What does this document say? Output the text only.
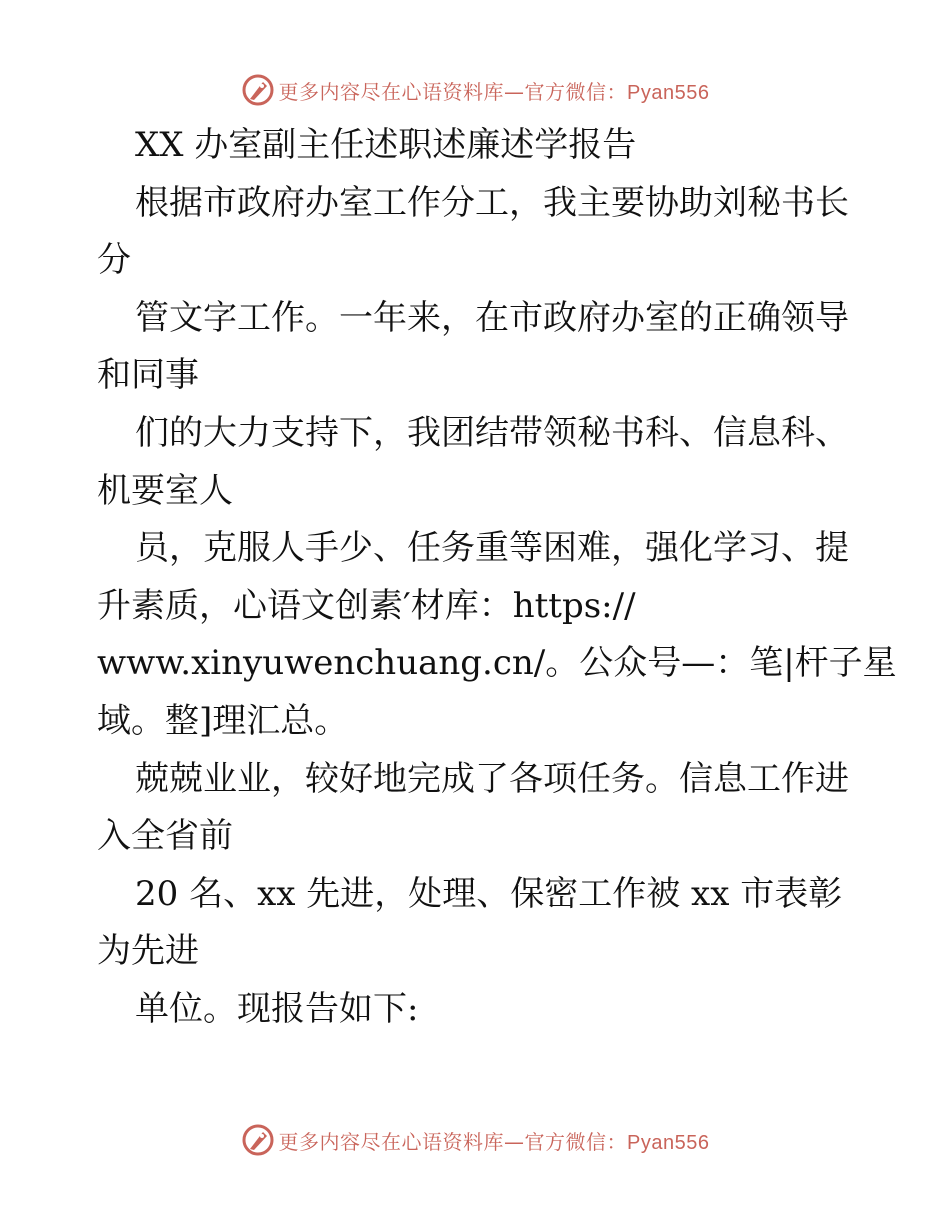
更多内容尽在心语资料库—官方微信：Pyan556
XX 办室副主任述职述廉述学报告
根据市政府办室工作分工，我主要协助刘秘书长
分
管文字工作。一年来，在市政府办室的正确领导
和同事
们的大力支持下，我团结带领秘书科、信息科、
机要室人
员，克服人手少、任务重等困难，强化学习、提
升素质，心语文创素′材库：https://
www.xinyuwenchuang.cn/。公众号—：笔|杆子星
域。整]理汇总。
兢兢业业，较好地完成了各项任务。信息工作进
入全省前
20 名、xx 先进，处理、保密工作被 xx 市表彰
为先进
单位。现报告如下:
更多内容尽在心语资料库—官方微信：Pyan556
